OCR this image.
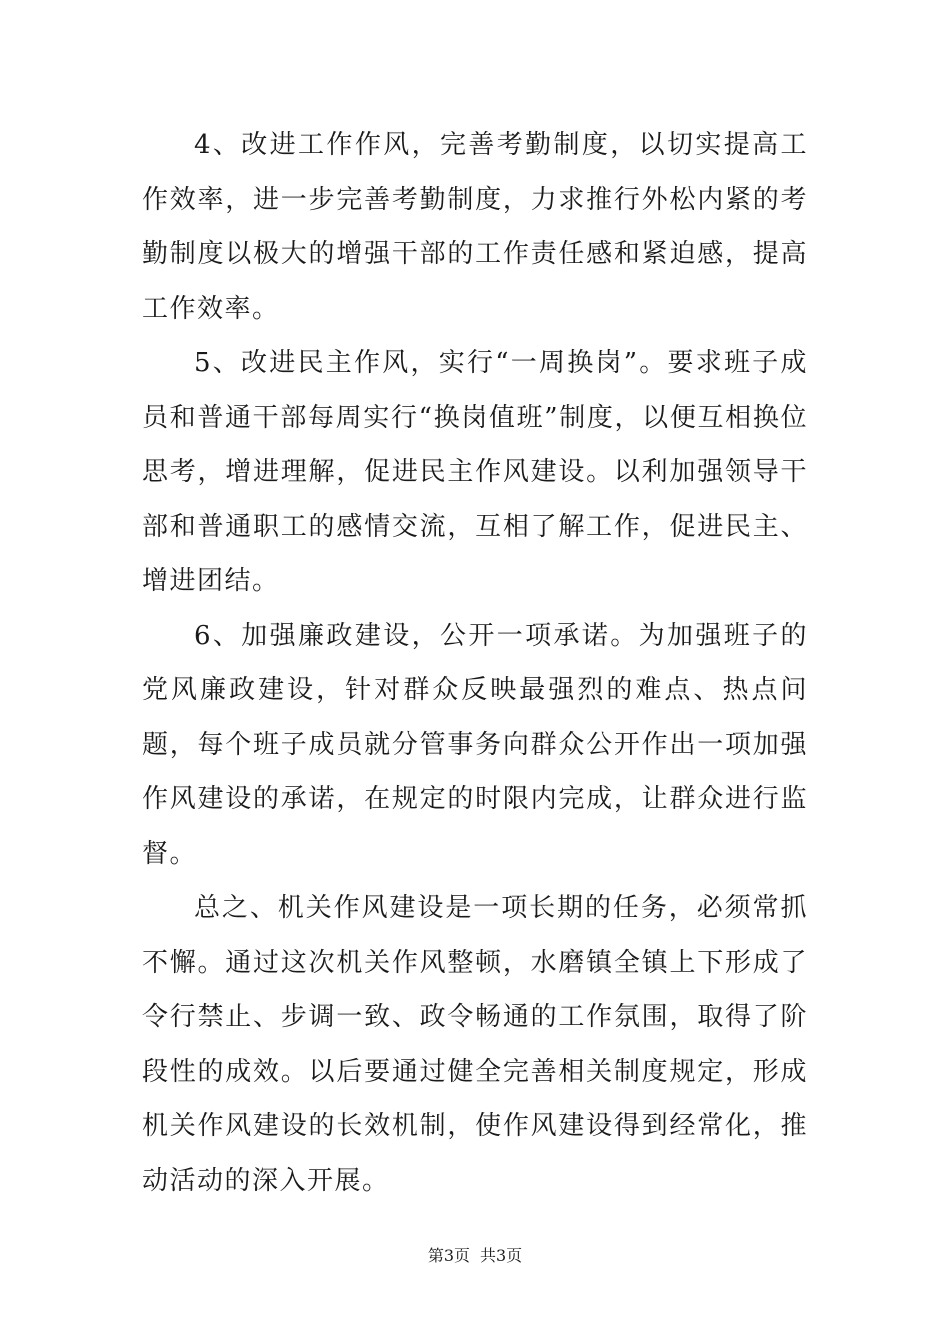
4、改进工作作风，完善考勤制度，以切实提高工作效率，进一步完善考勤制度，力求推行外松内紧的考勤制度以极大的增强干部的工作责任感和紧迫感，提高工作效率。

5、改进民主作风，实行“一周换岗”。要求班子成员和普通干部每周实行“换岗值班”制度，以便互相换位思考，增进理解，促进民主作风建设。以利加强领导干部和普通职工的感情交流，互相了解工作，促进民主、增进团结。

6、加强廉政建设，公开一项承诺。为加强班子的党风廉政建设，针对群众反映最强烈的难点、热点问题，每个班子成员就分管事务向群众公开作出一项加强作风建设的承诺，在规定的时限内完成，让群众进行监督。

总之、机关作风建设是一项长期的任务，必须常抓不懈。通过这次机关作风整顿，水磨镇全镇上下形成了令行禁止、步调一致、政令畅通的工作氛围，取得了阶段性的成效。以后要通过健全完善相关制度规定，形成机关作风建设的长效机制，使作风建设得到经常化，推动活动的深入开展。

第3页 共3页
